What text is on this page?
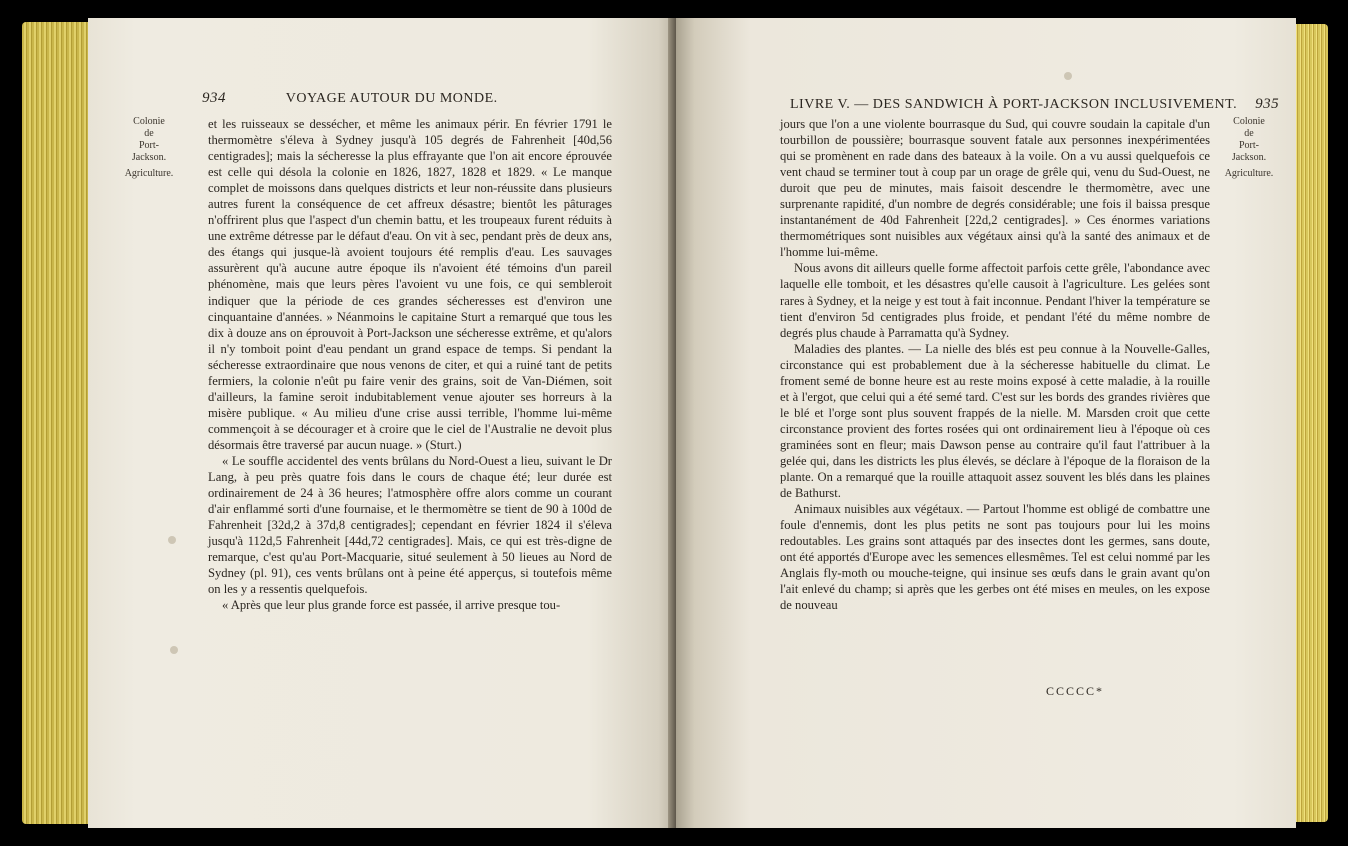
934	VOYAGE AUTOUR DU MONDE.
Colonie
de
Port-Jackson.
Agriculture.

et les ruisseaux se dessécher, et même les animaux périr. En février 1791 le thermomètre s'éleva à Sydney jusqu'à 105 degrés de Fahrenheit [40d,56 centigrades]; mais la sécheresse la plus effrayante que l'on ait encore éprouvée est celle qui désola la colonie en 1826, 1827, 1828 et 1829. « Le manque complet de moissons dans quelques districts et leur non-réussite dans plusieurs autres furent la conséquence de cet affreux désastre; bientôt les pâturages n'offrirent plus que l'aspect d'un chemin battu, et les troupeaux furent réduits à une extrême détresse par le défaut d'eau. On vit à sec, pendant près de deux ans, des étangs qui jusque-là avoient toujours été remplis d'eau. Les sauvages assurèrent qu'à aucune autre époque ils n'avoient été témoins d'un pareil phénomène, mais que leurs pères l'avoient vu une fois, ce qui sembleroit indiquer que la période de ces grandes sécheresses est d'environ une cinquantaine d'années. » Néanmoins le capitaine Sturt a remarqué que tous les dix à douze ans on éprouvoit à Port-Jackson une sécheresse extrême, et qu'alors il n'y tomboit point d'eau pendant un grand espace de temps. Si pendant la sécheresse extraordinaire que nous venons de citer, et qui a ruiné tant de petits fermiers, la colonie n'eût pu faire venir des grains, soit de Van-Diémen, soit d'ailleurs, la famine seroit indubitablement venue ajouter ses horreurs à la misère publique. « Au milieu d'une crise aussi terrible, l'homme lui-même commençoit à se décourager et à croire que le ciel de l'Australie ne devoit plus désormais être traversé par aucun nuage. » (Sturt.)

« Le souffle accidentel des vents brûlans du Nord-Ouest a lieu, suivant le Dr Lang, à peu près quatre fois dans le cours de chaque été; leur durée est ordinairement de 24 à 36 heures; l'atmosphère offre alors comme un courant d'air enflammé sorti d'une fournaise, et le thermomètre se tient de 90 à 100d de Fahrenheit [32d,2 à 37d,8 centigrades]; cependant en février 1824 il s'éleva jusqu'à 112d,5 Fahrenheit [44d,72 centigrades]. Mais, ce qui est très-digne de remarque, c'est qu'au Port-Macquarie, situé seulement à 50 lieues au Nord de Sydney (pl. 91), ces vents brûlans ont à peine été apperçus, si toutefois même on les y a ressentis quelquefois.

« Après que leur plus grande force est passée, il arrive presque tou-

LIVRE V. — DES SANDWICH À PORT-JACKSON INCLUSIVEMENT. 935
Colonie
de
Port-Jackson.
Agriculture.

jours que l'on a une violente bourrasque du Sud, qui couvre soudain la capitale d'un tourbillon de poussière; bourrasque souvent fatale aux personnes inexpérimentées qui se promènent en rade dans des bateaux à la voile. On a vu aussi quelquefois ce vent chaud se terminer tout à coup par un orage de grêle qui, venu du Sud-Ouest, ne duroit que peu de minutes, mais faisoit descendre le thermomètre, avec une surprenante rapidité, d'un nombre de degrés considérable; une fois il baissa presque instantanément de 40d Fahrenheit [22d,2 centigrades]. » Ces énormes variations thermométriques sont nuisibles aux végétaux ainsi qu'à la santé des animaux et de l'homme lui-même.

Nous avons dit ailleurs quelle forme affectoit parfois cette grêle, l'abondance avec laquelle elle tomboit, et les désastres qu'elle causoit à l'agriculture. Les gelées sont rares à Sydney, et la neige y est tout à fait inconnue. Pendant l'hiver la température se tient d'environ 5d centigrades plus froide, et pendant l'été du même nombre de degrés plus chaude à Parramatta qu'à Sydney.

Maladies des plantes. — La nielle des blés est peu connue à la Nouvelle-Galles, circonstance qui est probablement due à la sécheresse habituelle du climat. Le froment semé de bonne heure est au reste moins exposé à cette maladie, à la rouille et à l'ergot, que celui qui a été semé tard. C'est sur les bords des grandes rivières que le blé et l'orge sont plus souvent frappés de la nielle. M. Marsden croit que cette circonstance provient des fortes rosées qui ont ordinairement lieu à l'époque où ces graminées sont en fleur; mais Dawson pense au contraire qu'il faut l'attribuer à la gelée qui, dans les districts les plus élevés, se déclare à l'époque de la floraison de la plante. On a remarqué que la rouille attaquoit assez souvent les blés dans les plaines de Bathurst.

Animaux nuisibles aux végétaux. — Partout l'homme est obligé de combattre une foule d'ennemis, dont les plus petits ne sont pas toujours pour lui les moins redoutables. Les grains sont attaqués par des insectes dont les germes, sans doute, ont été apportés d'Europe avec les semences ellesmêmes. Tel est celui nommé par les Anglais fly-moth ou mouche-teigne, qui insinue ses œufs dans le grain avant qu'on l'ait enlevé du champ; si après que les gerbes ont été mises en meules, on les expose de nouveau

CCCCC*
